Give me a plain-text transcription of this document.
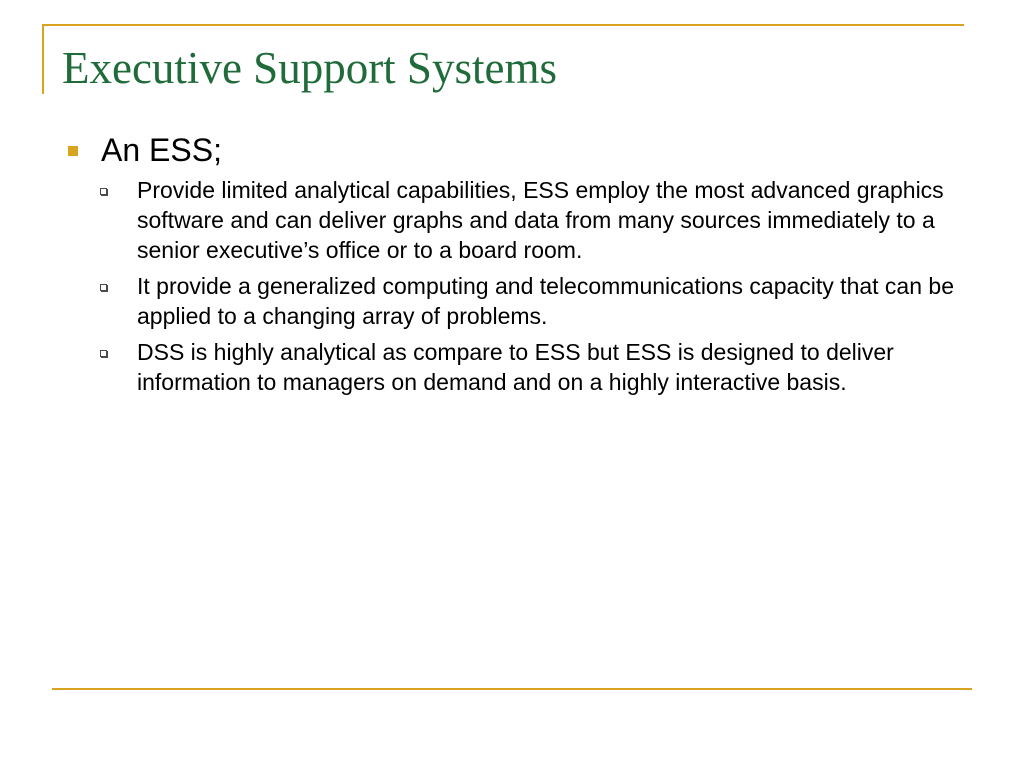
Executive Support Systems
An ESS;
Provide limited analytical capabilities, ESS employ the most advanced graphics software and can deliver graphs and data from many sources immediately to a senior executive’s office or to a board room.
It provide a generalized computing and telecommunications capacity that can be applied to a changing array of problems.
DSS is highly analytical as compare to ESS but ESS is designed to deliver information to managers on demand and on a highly interactive basis.
